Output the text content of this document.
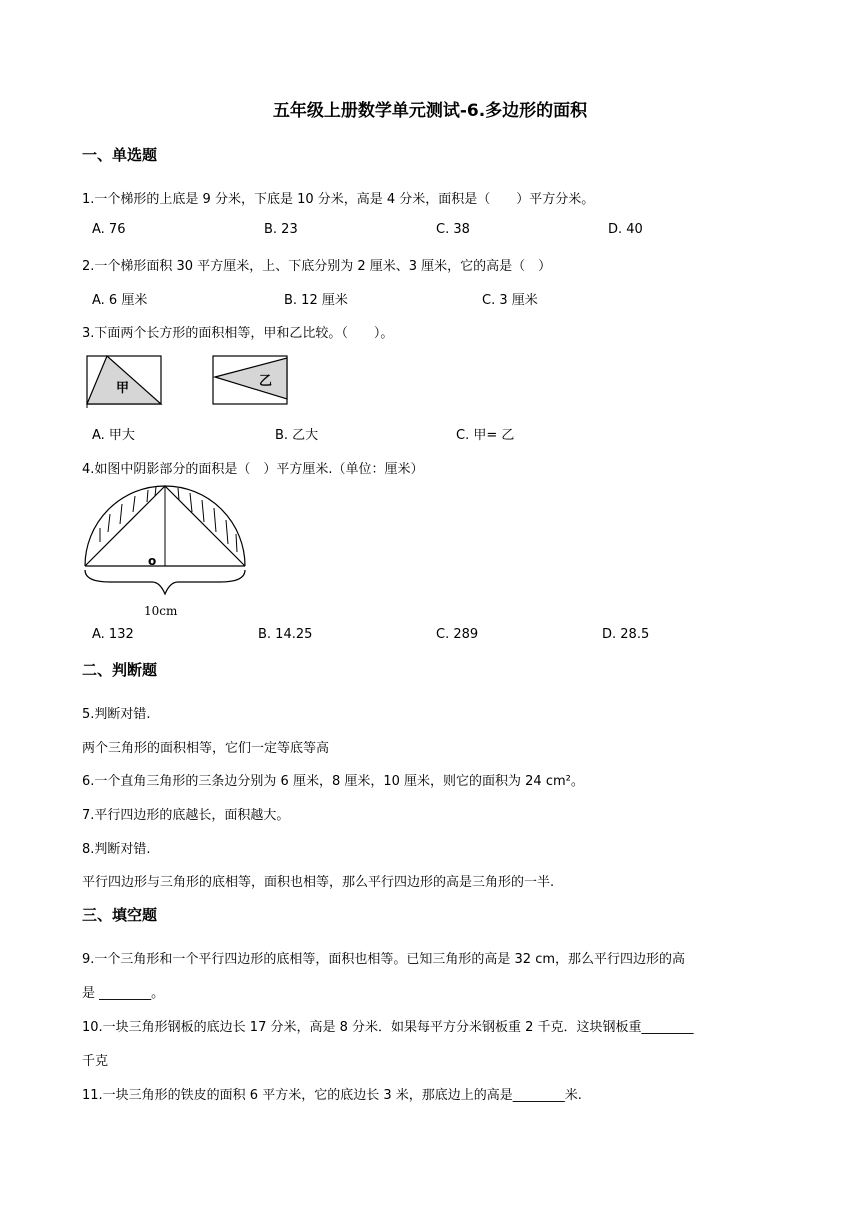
五年级上册数学单元测试-6.多边形的面积
一、单选题
1.一个梯形的上底是 9 分米，下底是 10 分米，高是 4 分米，面积是（　　）平方分米。
A. 76	B. 23	C. 38	D. 40
2.一个梯形面积 30 平方厘米，上、下底分别为 2 厘米、3 厘米，它的高是（　）
A. 6 厘米	B. 12 厘米	C. 3 厘米
3.下面两个长方形的面积相等，甲和乙比较。（　　）。
甲	乙
A. 甲大	B. 乙大	C. 甲= 乙
4.如图中阴影部分的面积是（　）平方厘米.（单位：厘米）
o
10cm
A. 132	B. 14.25	C. 289	D. 28.5
二、判断题
5.判断对错.
两个三角形的面积相等，它们一定等底等高
6.一个直角三角形的三条边分别为 6 厘米，8 厘米，10 厘米，则它的面积为 24 cm²。
7.平行四边形的底越长，面积越大。
8.判断对错.
平行四边形与三角形的底相等，面积也相等，那么平行四边形的高是三角形的一半.
三、填空题
9.一个三角形和一个平行四边形的底相等，面积也相等。已知三角形的高是 32 cm，那么平行四边形的高
是 ________。
10.一块三角形钢板的底边长 17 分米，高是 8 分米．如果每平方分米钢板重 2 千克．这块钢板重________
千克
11.一块三角形的铁皮的面积 6 平方米，它的底边长 3 米，那底边上的高是________米.
